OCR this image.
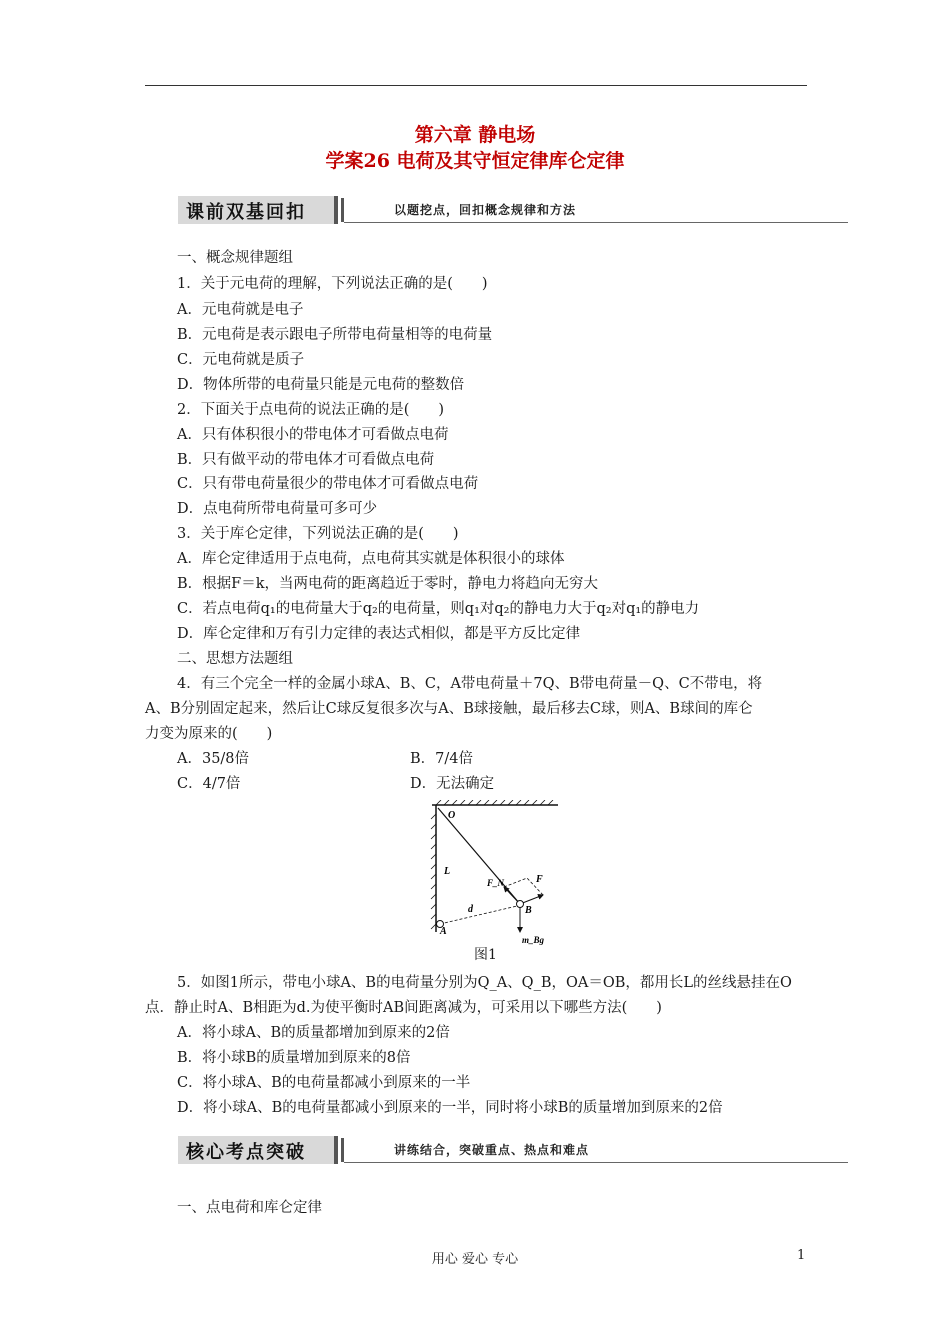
第六章 静电场
学案26 电荷及其守恒定律库仑定律
课前双基回扣	以题挖点，回扣概念规律和方法
一、概念规律题组
1．关于元电荷的理解，下列说法正确的是(　　)
A．元电荷就是电子
B．元电荷是表示跟电子所带电荷量相等的电荷量
C．元电荷就是质子
D．物体所带的电荷量只能是元电荷的整数倍
2．下面关于点电荷的说法正确的是(　　)
A．只有体积很小的带电体才可看做点电荷
B．只有做平动的带电体才可看做点电荷
C．只有带电荷量很少的带电体才可看做点电荷
D．点电荷所带电荷量可多可少
3．关于库仑定律，下列说法正确的是(　　)
A．库仑定律适用于点电荷，点电荷其实就是体积很小的球体
B．根据F＝k，当两电荷的距离趋近于零时，静电力将趋向无穷大
C．若点电荷q₁的电荷量大于q₂的电荷量，则q₁对q₂的静电力大于q₂对q₁的静电力
D．库仑定律和万有引力定律的表达式相似，都是平方反比定律
二、思想方法题组
4．有三个完全一样的金属小球A、B、C，A带电荷量＋7Q、B带电荷量－Q、C不带电，将
A、B分别固定起来，然后让C球反复很多次与A、B球接触，最后移去C球，则A、B球间的库仑
力变为原来的(　　)
A．35/8倍	B．7/4倍
C．4/7倍	D．无法确定
O
L
F_N	F
d	B
A
m_Bg
图1
5．如图1所示，带电小球A、B的电荷量分别为Q_A、Q_B，OA＝OB，都用长L的丝线悬挂在O
点．静止时A、B相距为d.为使平衡时AB间距离减为，可采用以下哪些方法(　　)
A．将小球A、B的质量都增加到原来的2倍
B．将小球B的质量增加到原来的8倍
C．将小球A、B的电荷量都减小到原来的一半
D．将小球A、B的电荷量都减小到原来的一半，同时将小球B的质量增加到原来的2倍
核心考点突破	讲练结合，突破重点、热点和难点
一、点电荷和库仑定律
用心 爱心 专心	1
